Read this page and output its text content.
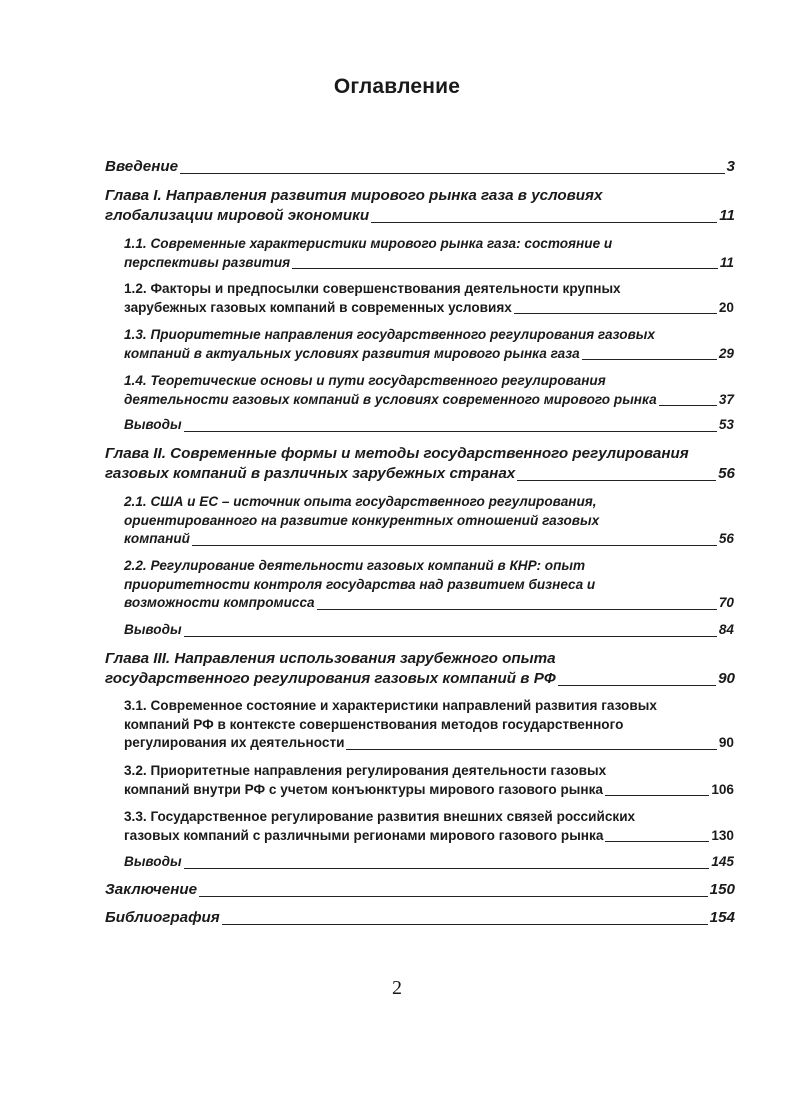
Оглавление
Введение	3
Глава I. Направления развития мирового рынка газа в условиях
глобализации мировой экономики	11
1.1. Современные характеристики мирового рынка газа: состояние и
перспективы развития	11
1.2. Факторы и предпосылки совершенствования деятельности крупных
зарубежных газовых компаний в современных условиях	20
1.3. Приоритетные направления государственного регулирования газовых
компаний в актуальных условиях развития мирового рынка газа	29
1.4. Теоретические основы и пути государственного регулирования
деятельности газовых компаний в условиях современного мирового рынка	37
Выводы	53
Глава II. Современные формы и методы государственного регулирования
газовых компаний в различных зарубежных странах	56
2.1. США и ЕС – источник опыта государственного регулирования,
ориентированного на развитие конкурентных отношений газовых
компаний	56
2.2. Регулирование деятельности газовых компаний в КНР: опыт
приоритетности контроля государства над развитием бизнеса и
возможности компромисса	70
Выводы	84
Глава III. Направления использования зарубежного опыта
государственного регулирования газовых компаний в РФ	90
3.1. Современное состояние и характеристики направлений развития газовых
компаний РФ в контексте совершенствования методов государственного
регулирования их деятельности	90
3.2. Приоритетные направления регулирования деятельности газовых
компаний внутри РФ с учетом конъюнктуры мирового газового рынка	106
3.3. Государственное регулирование развития внешних связей российских
газовых компаний с различными регионами мирового газового рынка	130
Выводы	145
Заключение	150
Библиография	154
2
